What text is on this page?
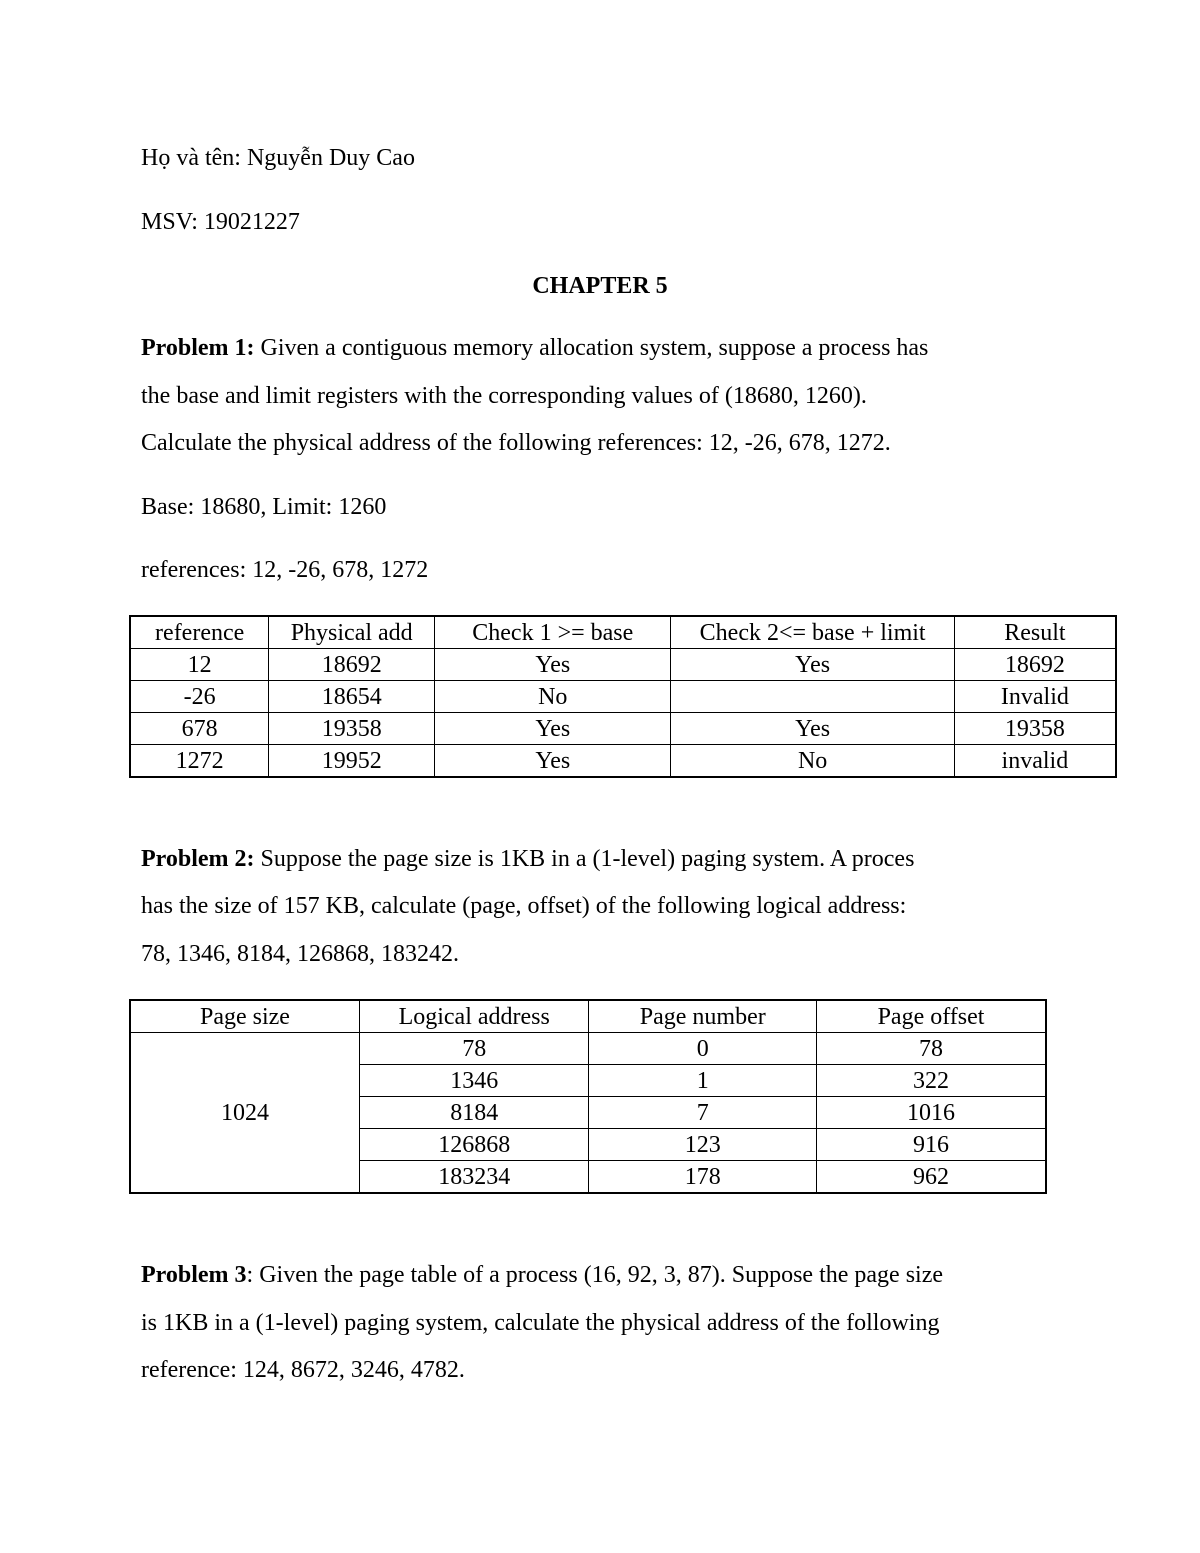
Họ và tên: Nguyễn Duy Cao
MSV: 19021227
CHAPTER 5
Problem 1: Given a contiguous memory allocation system, suppose a process has
the base and limit registers with the corresponding values of (18680, 1260).
Calculate the physical address of the following references: 12, -26, 678, 1272.
Base: 18680, Limit: 1260
references: 12, -26, 678, 1272
reference	Physical add	Check 1 >= base	Check 2<= base + limit	Result
12	18692	Yes	Yes	18692
-26	18654	No		Invalid
678	19358	Yes	Yes	19358
1272	19952	Yes	No	invalid
Problem 2: Suppose the page size is 1KB in a (1-level) paging system. A proces
has the size of 157 KB, calculate (page, offset) of the following logical address:
78, 1346, 8184, 126868, 183242.
Page size	Logical address	Page number	Page offset
1024	78	0	78
	1346	1	322
	8184	7	1016
	126868	123	916
	183234	178	962
Problem 3: Given the page table of a process (16, 92, 3, 87). Suppose the page size
is 1KB in a (1-level) paging system, calculate the physical address of the following
reference: 124, 8672, 3246, 4782.
